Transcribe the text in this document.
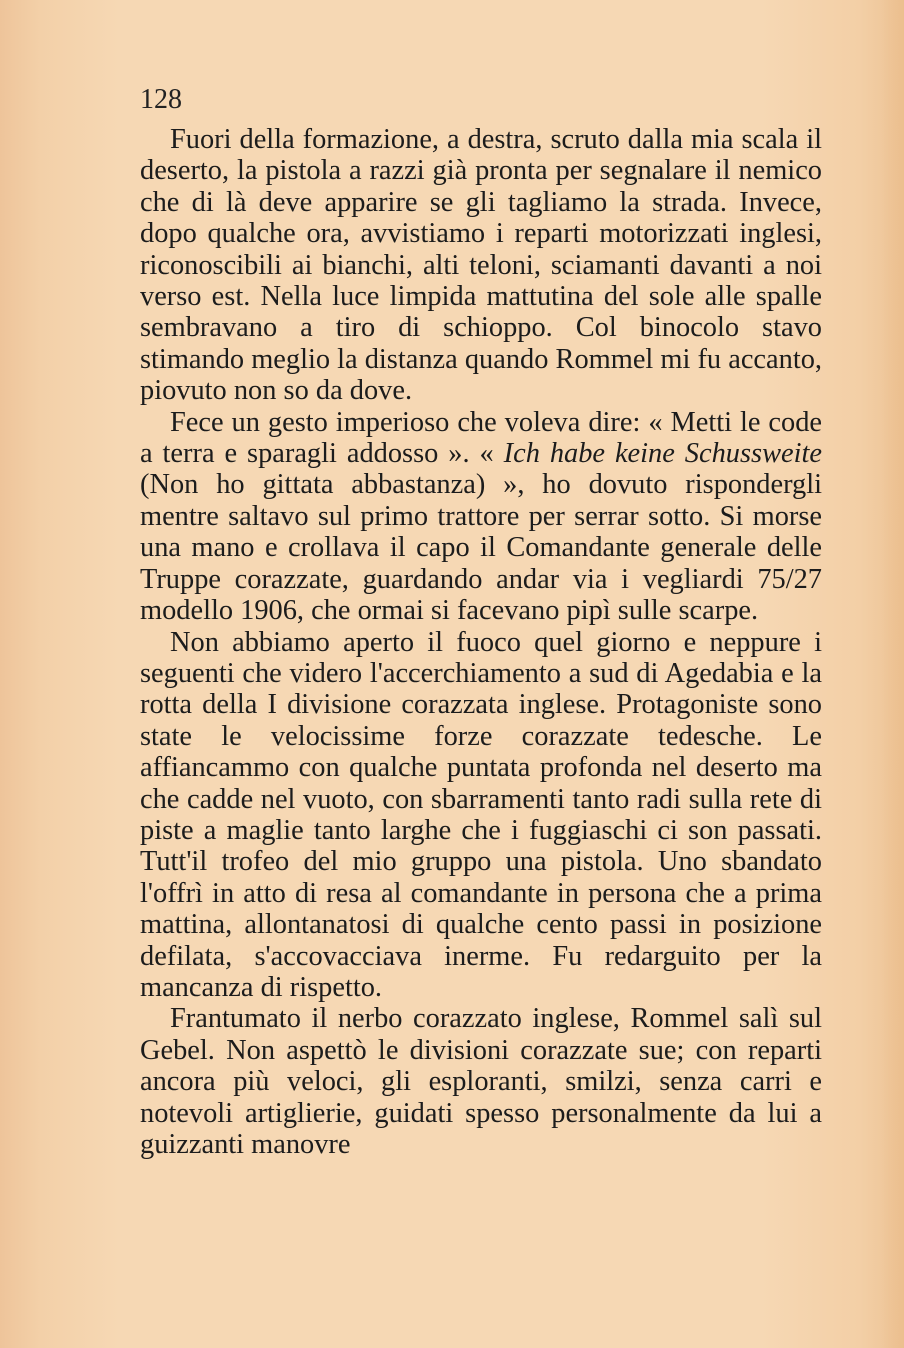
128

Fuori della formazione, a destra, scruto dalla mia scala il deserto, la pistola a razzi già pronta per segnalare il nemico che di là deve apparire se gli tagliamo la strada. Invece, dopo qualche ora, avvistiamo i reparti motorizzati inglesi, riconoscibili ai bianchi, alti teloni, sciamanti davanti a noi verso est. Nella luce limpida mattutina del sole alle spalle sembravano a tiro di schioppo. Col binocolo stavo stimando meglio la distanza quando Rommel mi fu accanto, piovuto non so da dove.

Fece un gesto imperioso che voleva dire: « Metti le code a terra e sparagli addosso ». « Ich habe keine Schussweite (Non ho gittata abbastanza) », ho dovuto rispondergli mentre saltavo sul primo trattore per serrar sotto. Si morse una mano e crollava il capo il Comandante generale delle Truppe corazzate, guardando andar via i vegliardi 75/27 modello 1906, che ormai si facevano pipì sulle scarpe.

Non abbiamo aperto il fuoco quel giorno e neppure i seguenti che videro l'accerchiamento a sud di Agedabia e la rotta della I divisione corazzata inglese. Protagoniste sono state le velocissime forze corazzate tedesche. Le affiancammo con qualche puntata profonda nel deserto ma che cadde nel vuoto, con sbarramenti tanto radi sulla rete di piste a maglie tanto larghe che i fuggiaschi ci son passati. Tutt'il trofeo del mio gruppo una pistola. Uno sbandato l'offrì in atto di resa al comandante in persona che a prima mattina, allontanatosi di qualche cento passi in posizione defilata, s'accovacciava inerme. Fu redarguito per la mancanza di rispetto.

Frantumato il nerbo corazzato inglese, Rommel salì sul Gebel. Non aspettò le divisioni corazzate sue; con reparti ancora più veloci, gli esploranti, smilzi, senza carri e notevoli artiglierie, guidati spesso personalmente da lui a guizzanti manovre
